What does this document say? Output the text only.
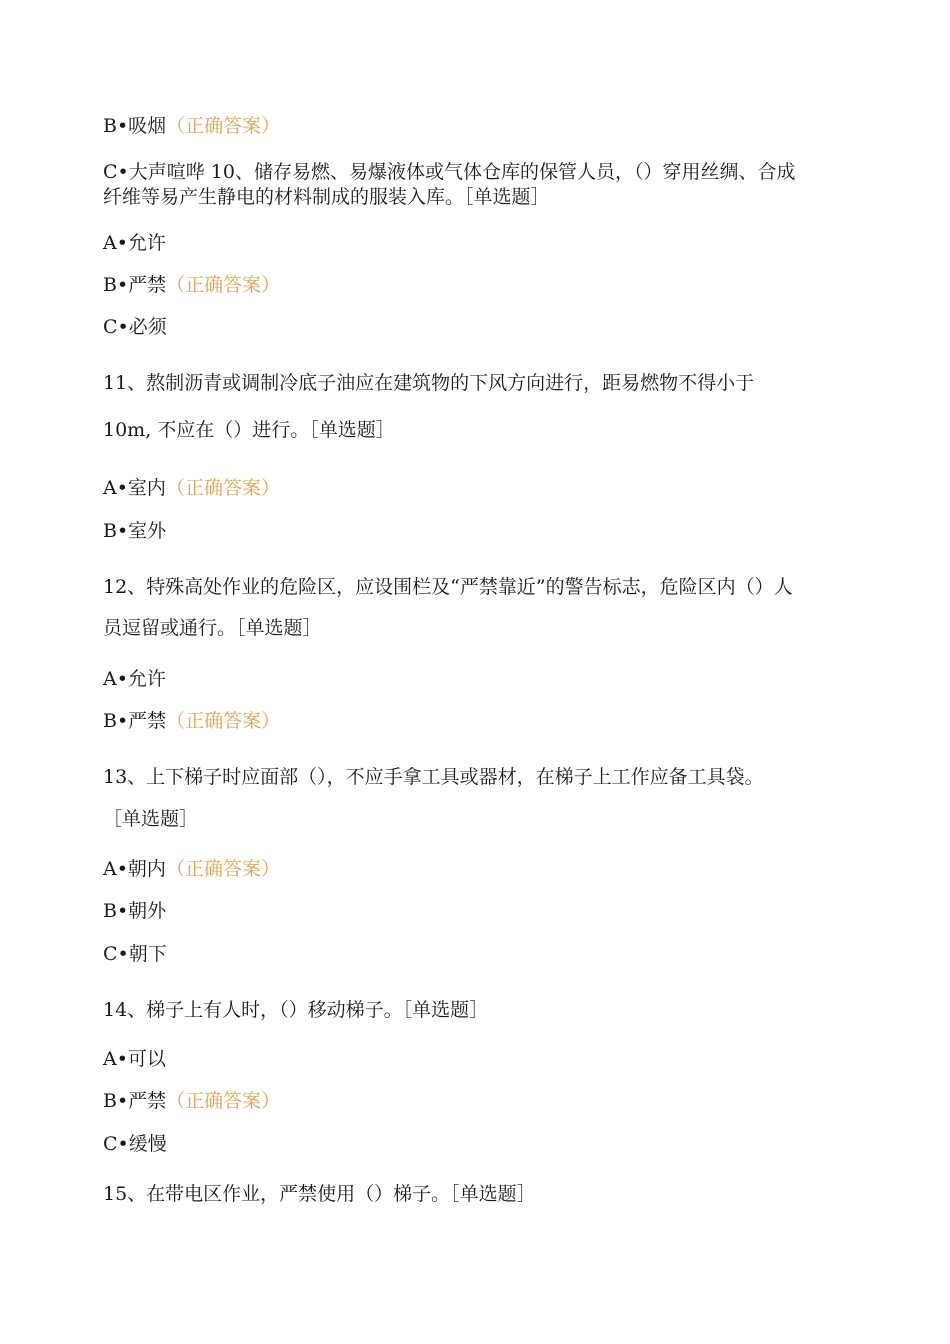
B•吸烟（正确答案）
C•大声喧哗 10、储存易燃、易爆液体或气体仓库的保管人员，（）穿用丝绸、合成
纤维等易产生静电的材料制成的服装入库。［单选题］
A•允许
B•严禁（正确答案）
C•必须
11、熬制沥青或调制冷底子油应在建筑物的下风方向进行，距易燃物不得小于
10m, 不应在（）进行。［单选题］
A•室内（正确答案）
B•室外
12、特殊高处作业的危险区，应设围栏及“严禁靠近”的警告标志，危险区内（）人
员逗留或通行。［单选题］
A•允许
B•严禁（正确答案）
13、上下梯子时应面部（），不应手拿工具或器材，在梯子上工作应备工具袋。
［单选题］
A•朝内（正确答案）
B•朝外
C•朝下
14、梯子上有人时，（）移动梯子。［单选题］
A•可以
B•严禁（正确答案）
C•缓慢
15、在带电区作业，严禁使用（）梯子。［单选题］
